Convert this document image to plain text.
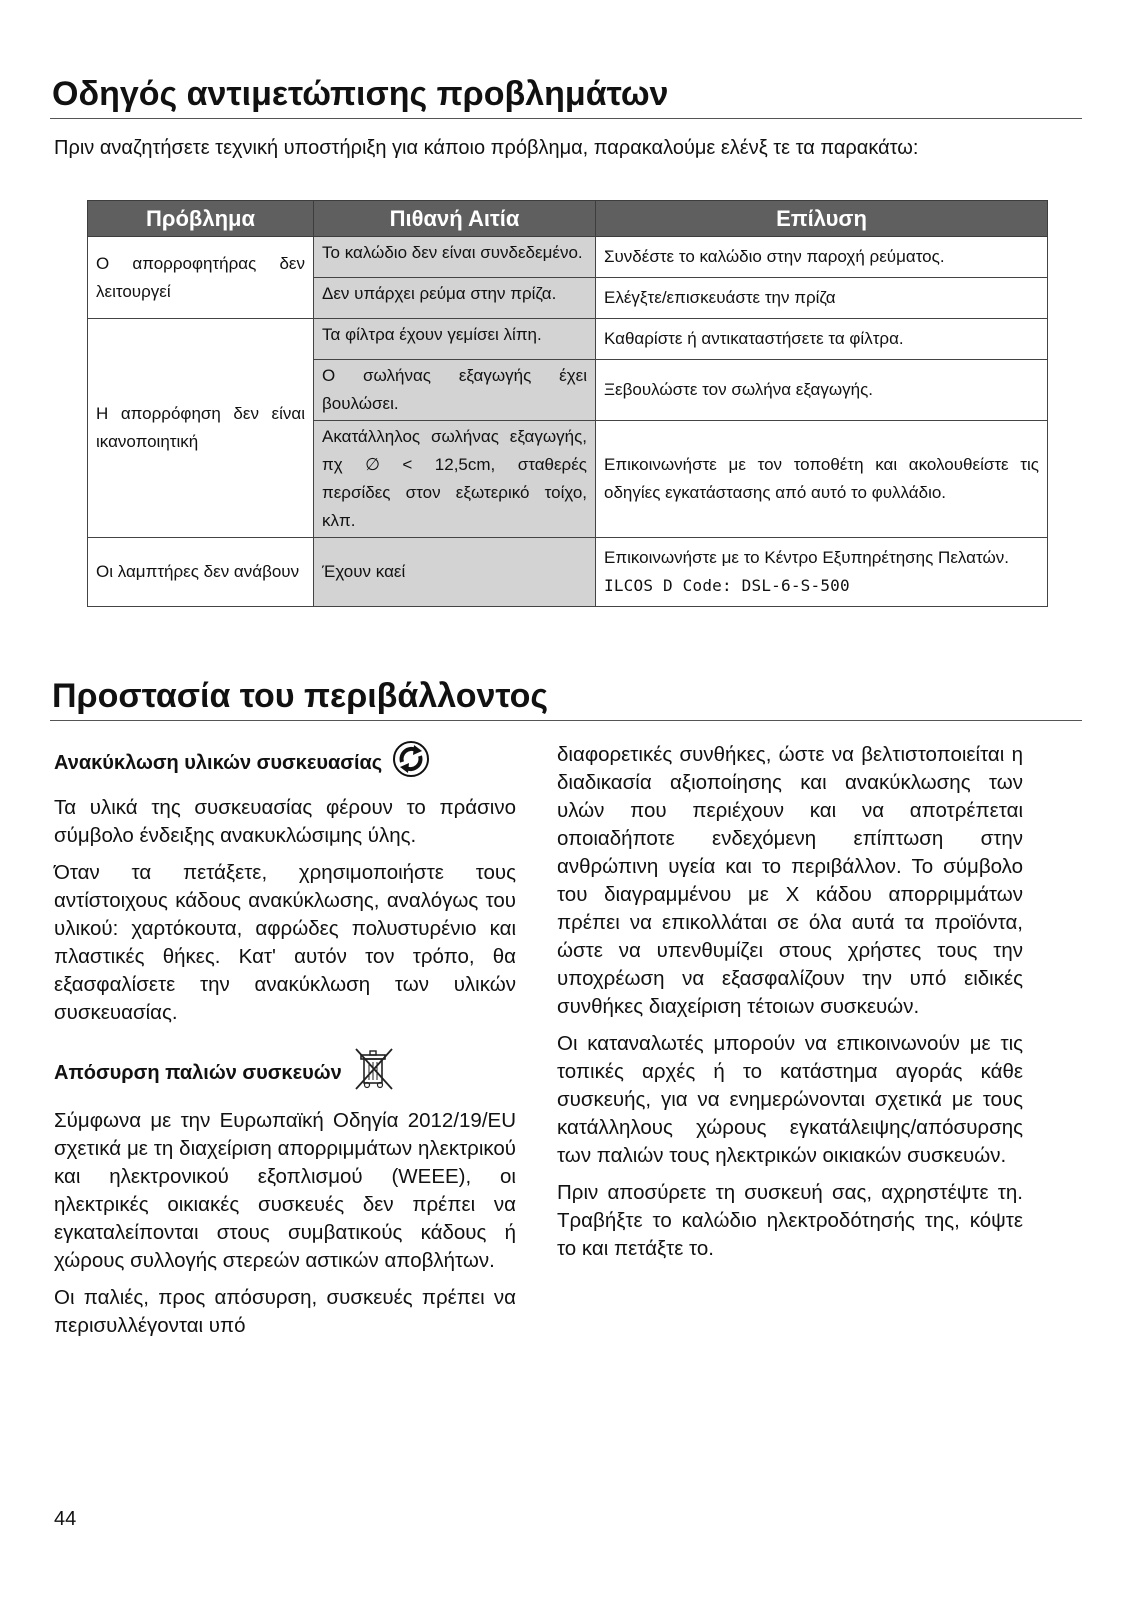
Οδηγός αντιμετώπισης προβλημάτων
Πριν αναζητήσετε τεχνική υποστήριξη για κάποιο πρόβλημα, παρακαλούμε ελένξ τε τα παρακάτω:
Πρόβλημα	Πιθανή Αιτία	Επίλυση
Ο απορροφητήρας δεν λειτουργεί	Το καλώδιο δεν είναι συνδεδεμένο.	Συνδέστε το καλώδιο στην παροχή ρεύματος.
	Δεν υπάρχει ρεύμα στην πρίζα.	Ελέγξτε/επισκευάστε την πρίζα
Η απορρόφηση δεν είναι ικανοποιητική	Τα φίλτρα έχουν γεμίσει λίπη.	Καθαρίστε ή αντικαταστήσετε τα φίλτρα.
	Ο σωλήνας εξαγωγής έχει βουλώσει.	Ξεβουλώστε τον σωλήνα εξαγωγής.
	Ακατάλληλος σωλήνας εξαγωγής, πχ ∅ < 12,5cm, σταθερές περσίδες στον εξωτερικό τοίχο, κλπ.	Επικοινωνήστε με τον τοποθέτη και ακολουθείστε τις οδηγίες εγκατάστασης από αυτό το φυλλάδιο.
Οι λαμπτήρες δεν ανάβουν	Έχουν καεί	Επικοινωνήστε με το Κέντρο Εξυπηρέτησης Πελατών.
ILCOS D Code: DSL-6-S-500
Προστασία του περιβάλλοντος
Ανακύκλωση υλικών συσκευασίας

Τα υλικά της συσκευασίας φέρουν το πράσινο σύμβολο ένδειξης ανακυκλώσιμης ύλης.

Όταν τα πετάξετε, χρησιμοποιήστε τους αντίστοιχους κάδους ανακύκλωσης, αναλόγως του υλικού: χαρτόκουτα, αφρώδες πολυστυρένιο και πλαστικές θήκες. Κατ' αυτόν τον τρόπο, θα εξασφαλίσετε την ανακύκλωση των υλικών συσκευασίας.

Απόσυρση παλιών συσκευών

Σύμφωνα με την Ευρωπαϊκή Οδηγία 2012/19/EU σχετικά με τη διαχείριση απορριμμάτων ηλεκτρικού και ηλεκτρονικού εξοπλισμού (WEEE), οι ηλεκτρικές οικιακές συσκευές δεν πρέπει να εγκαταλείπονται στους συμβατικούς κάδους ή χώρους συλλογής στερεών αστικών αποβλήτων.

Οι παλιές, προς απόσυρση, συσκευές πρέπει να περισυλλέγονται υπό

διαφορετικές συνθήκες, ώστε να βελτιστοποιείται η διαδικασία αξιοποίησης και ανακύκλωσης των υλών που περιέχουν και να αποτρέπεται οποιαδήποτε ενδεχόμενη επίπτωση στην ανθρώπινη υγεία και το περιβάλλον. Το σύμβολο του διαγραμμένου με Χ κάδου απορριμμάτων πρέπει να επικολλάται σε όλα αυτά τα προϊόντα, ώστε να υπενθυμίζει στους χρήστες τους την υποχρέωση να εξασφαλίζουν την υπό ειδικές συνθήκες διαχείριση τέτοιων συσκευών.

Οι καταναλωτές μπορούν να επικοινωνούν με τις τοπικές αρχές ή το κατάστημα αγοράς κάθε συσκευής, για να ενημερώνονται σχετικά με τους κατάλληλους χώρους εγκατάλειψης/απόσυρσης των παλιών τους ηλεκτρικών οικιακών συσκευών.

Πριν αποσύρετε τη συσκευή σας, αχρηστέψτε τη. Τραβήξτε το καλώδιο ηλεκτροδότησής της, κόψτε το και πετάξτε το.

44
